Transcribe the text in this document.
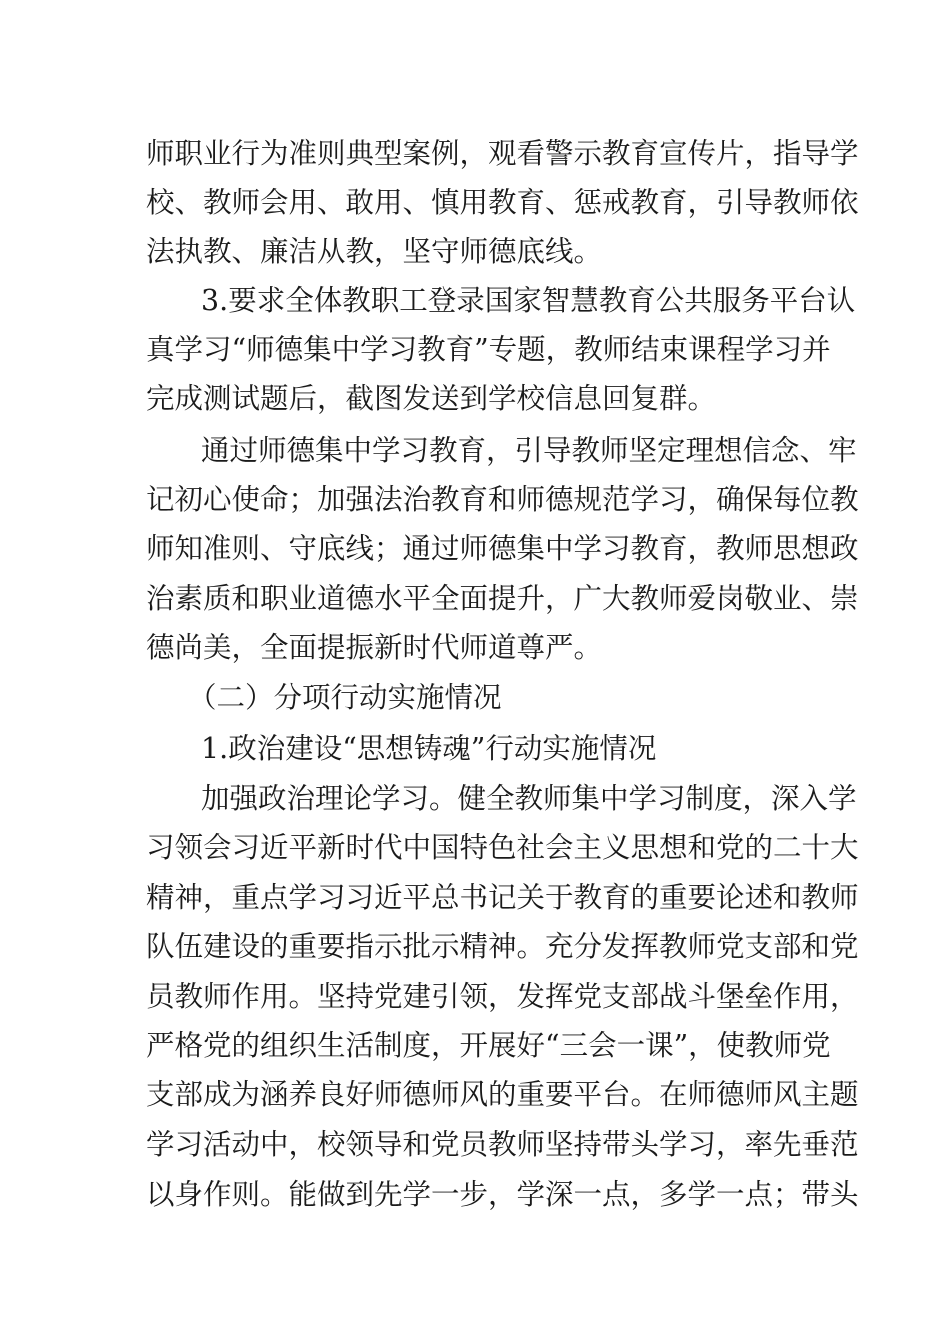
师职业行为准则典型案例，观看警示教育宣传片，指导学
校、教师会用、敢用、慎用教育、惩戒教育，引导教师依
法执教、廉洁从教，坚守师德底线。
3.要求全体教职工登录国家智慧教育公共服务平台认
真学习“师德集中学习教育”专题，教师结束课程学习并
完成测试题后，截图发送到学校信息回复群。
通过师德集中学习教育，引导教师坚定理想信念、牢
记初心使命；加强法治教育和师德规范学习，确保每位教
师知准则、守底线；通过师德集中学习教育，教师思想政
治素质和职业道德水平全面提升，广大教师爱岗敬业、崇
德尚美，全面提振新时代师道尊严。
（二）分项行动实施情况
1.政治建设“思想铸魂”行动实施情况
加强政治理论学习。健全教师集中学习制度，深入学
习领会习近平新时代中国特色社会主义思想和党的二十大
精神，重点学习习近平总书记关于教育的重要论述和教师
队伍建设的重要指示批示精神。充分发挥教师党支部和党
员教师作用。坚持党建引领，发挥党支部战斗堡垒作用，
严格党的组织生活制度，开展好“三会一课”，使教师党
支部成为涵养良好师德师风的重要平台。在师德师风主题
学习活动中，校领导和党员教师坚持带头学习，率先垂范
以身作则。能做到先学一步，学深一点，多学一点；带头
